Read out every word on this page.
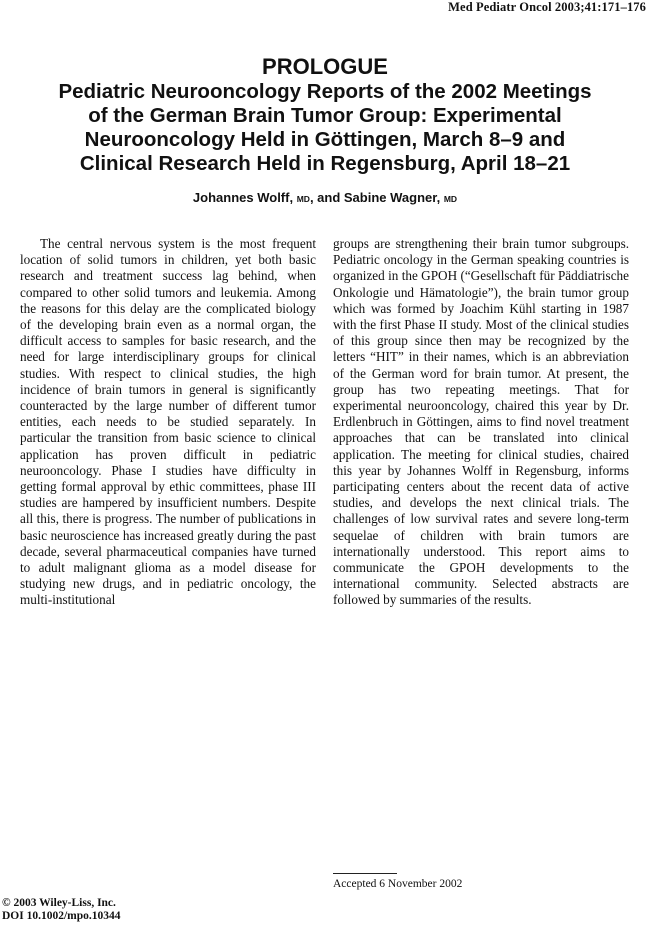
Med Pediatr Oncol 2003;41:171–176
PROLOGUE
Pediatric Neurooncology Reports of the 2002 Meetings
of the German Brain Tumor Group: Experimental
Neurooncology Held in Göttingen, March 8–9 and
Clinical Research Held in Regensburg, April 18–21
Johannes Wolff, MD, and Sabine Wagner, MD

The central nervous system is the most frequent location of solid tumors in children, yet both basic research and treatment success lag behind, when compared to other solid tumors and leukemia. Among the reasons for this delay are the complicated biology of the developing brain even as a normal organ, the difficult access to samples for basic research, and the need for large interdisciplinary groups for clinical studies. With respect to clinical studies, the high incidence of brain tumors in general is significantly counteracted by the large number of different tumor entities, each needs to be studied separately. In particular the transition from basic science to clinical application has proven difficult in pediatric neurooncology. Phase I studies have difficulty in getting formal approval by ethic committees, phase III studies are hampered by insufficient numbers. Despite all this, there is progress. The number of publications in basic neuroscience has increased greatly during the past decade, several pharmaceutical companies have turned to adult malignant glioma as a model disease for studying new drugs, and in pediatric oncology, the multi-institutional

groups are strengthening their brain tumor subgroups. Pediatric oncology in the German speaking countries is organized in the GPOH (“Gesellschaft für Päddiatrische Onkologie und Hämatologie”), the brain tumor group which was formed by Joachim Kühl starting in 1987 with the first Phase II study. Most of the clinical studies of this group since then may be recognized by the letters “HIT” in their names, which is an abbreviation of the German word for brain tumor. At present, the group has two repeating meetings. That for experimental neurooncology, chaired this year by Dr. Erdlenbruch in Göttingen, aims to find novel treatment approaches that can be translated into clinical application. The meeting for clinical studies, chaired this year by Johannes Wolff in Regensburg, informs participating centers about the recent data of active studies, and develops the next clinical trials. The challenges of low survival rates and severe long-term sequelae of children with brain tumors are internationally understood. This report aims to communicate the GPOH developments to the international community. Selected abstracts are followed by summaries of the results.

Accepted 6 November 2002
© 2003 Wiley-Liss, Inc.
DOI 10.1002/mpo.10344
